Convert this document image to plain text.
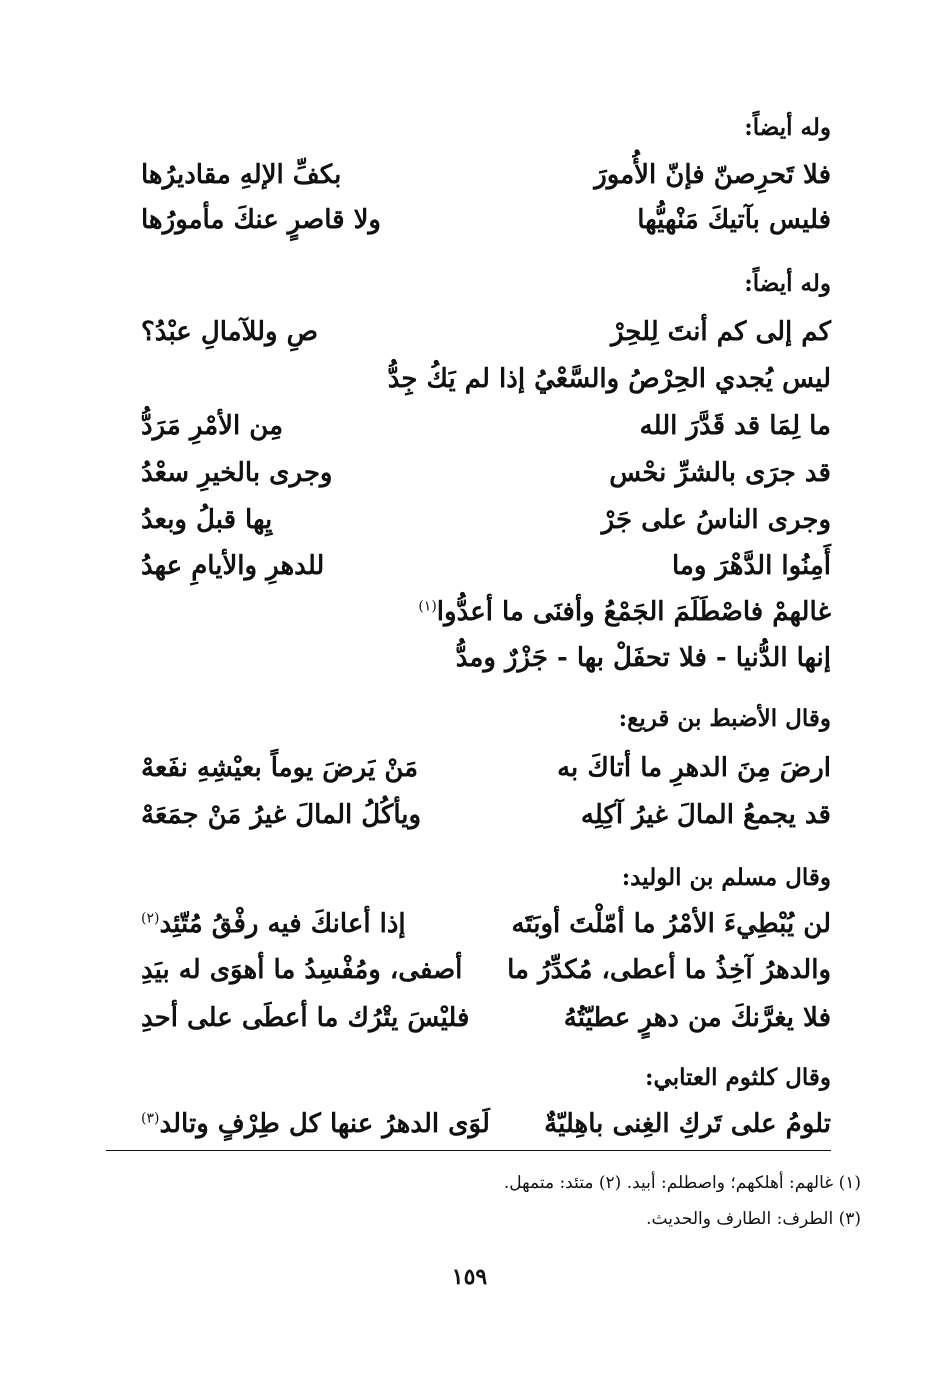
وله أيضاً:
فلا تَحرِصنّ فإنّ الأُمورَ
بكفِّ الإلهِ مقاديرُها
فليس بآتيكَ مَنْهيُّها
ولا قاصرٍ عنكَ مأمورُها
وله أيضاً:
كم إلى كم أنتَ لِلحِرْ
صِ وللآمالِ عبْدُ؟
ليس يُجدي الحِرْصُ والسَّعْيُ إذا لم يَكُ جِدُّ
ما لِمَا قد قَدَّرَ الله
مِن الأمْرِ مَرَدُّ
قد جرَى بالشرِّ نحْس
وجرى بالخيرِ سعْدُ
وجرى الناسُ على جَرْ
يِها قبلُ وبعدُ
أَمِنُوا الدَّهْرَ وما
للدهرِ والأيامِ عهدُ
غالهمْ فاصْطَلَمَ الجَمْعُ وأفنَى ما أعدُّوا$^{(١)}$
إنها الدُّنيا - فلا تحفَلْ بها - جَزْرٌ ومدُّ
وقال الأضبط بن قريع:
ارضَ مِنَ الدهرِ ما أتاكَ به
مَنْ يَرضَ يوماً بعيْشِهِ نفَعهْ
قد يجمعُ المالَ غيرُ آكِلِه
ويأكُلُ المالَ غيرُ مَنْ جمَعَهْ
وقال مسلم بن الوليد:
لن يُبْطِيءَ الأمْرُ ما أمّلْتَ أوبَتَه
إذا أعانكَ فيه رفْقُ مُتّئِد$^{(٢)}$
والدهرُ آخِذُ ما أعطى، مُكدِّرُ ما
أصفى، ومُفْسِدُ ما أهوَى له بيَدِ
فلا يغرَّنكَ من دهرٍ عطيّتُهُ
فليْسَ يتْرُك ما أعطَى على أحدِ
وقال كلثوم العتابي:
تلومُ على تَركِ الغِنى باهِليّةٌ
لَوَى الدهرُ عنها كل طِرْفٍ وتالد$^{(٣)}$
(١) غالهم: أهلكهم؛ واصطلم: أبيد. (٢) متئد: متمهل.
(٣) الطرف: الطارف والحديث.
١٥٩
